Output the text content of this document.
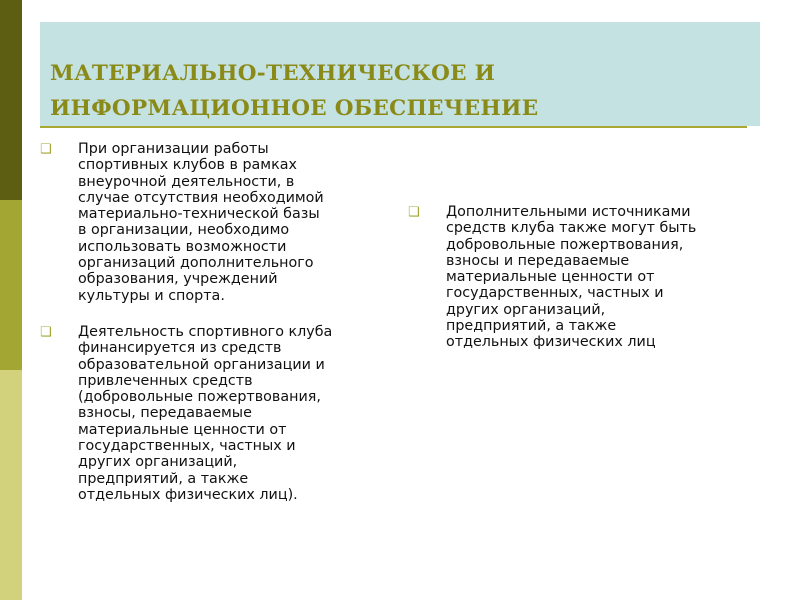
МАТЕРИАЛЬНО-ТЕХНИЧЕСКОЕ И ИНФОРМАЦИОННОЕ ОБЕСПЕЧЕНИЕ
❑ При организации работы
спортивных клубов в рамках
внеурочной деятельности, в
случае отсутствия необходимой
материально-технической базы
в организации, необходимо
использовать возможности
организаций дополнительного
образования, учреждений
культуры и спорта.
❑ Деятельность спортивного клуба
финансируется из средств
образовательной организации и
привлеченных средств
(добровольные пожертвования,
взносы, передаваемые
материальные ценности от
государственных, частных и
других организаций,
предприятий, а также
отдельных физических лиц).
❑ Дополнительными источниками
средств клуба также могут быть
добровольные пожертвования,
взносы и передаваемые
материальные ценности от
государственных, частных и
других организаций,
предприятий, а также
отдельных физических лиц
